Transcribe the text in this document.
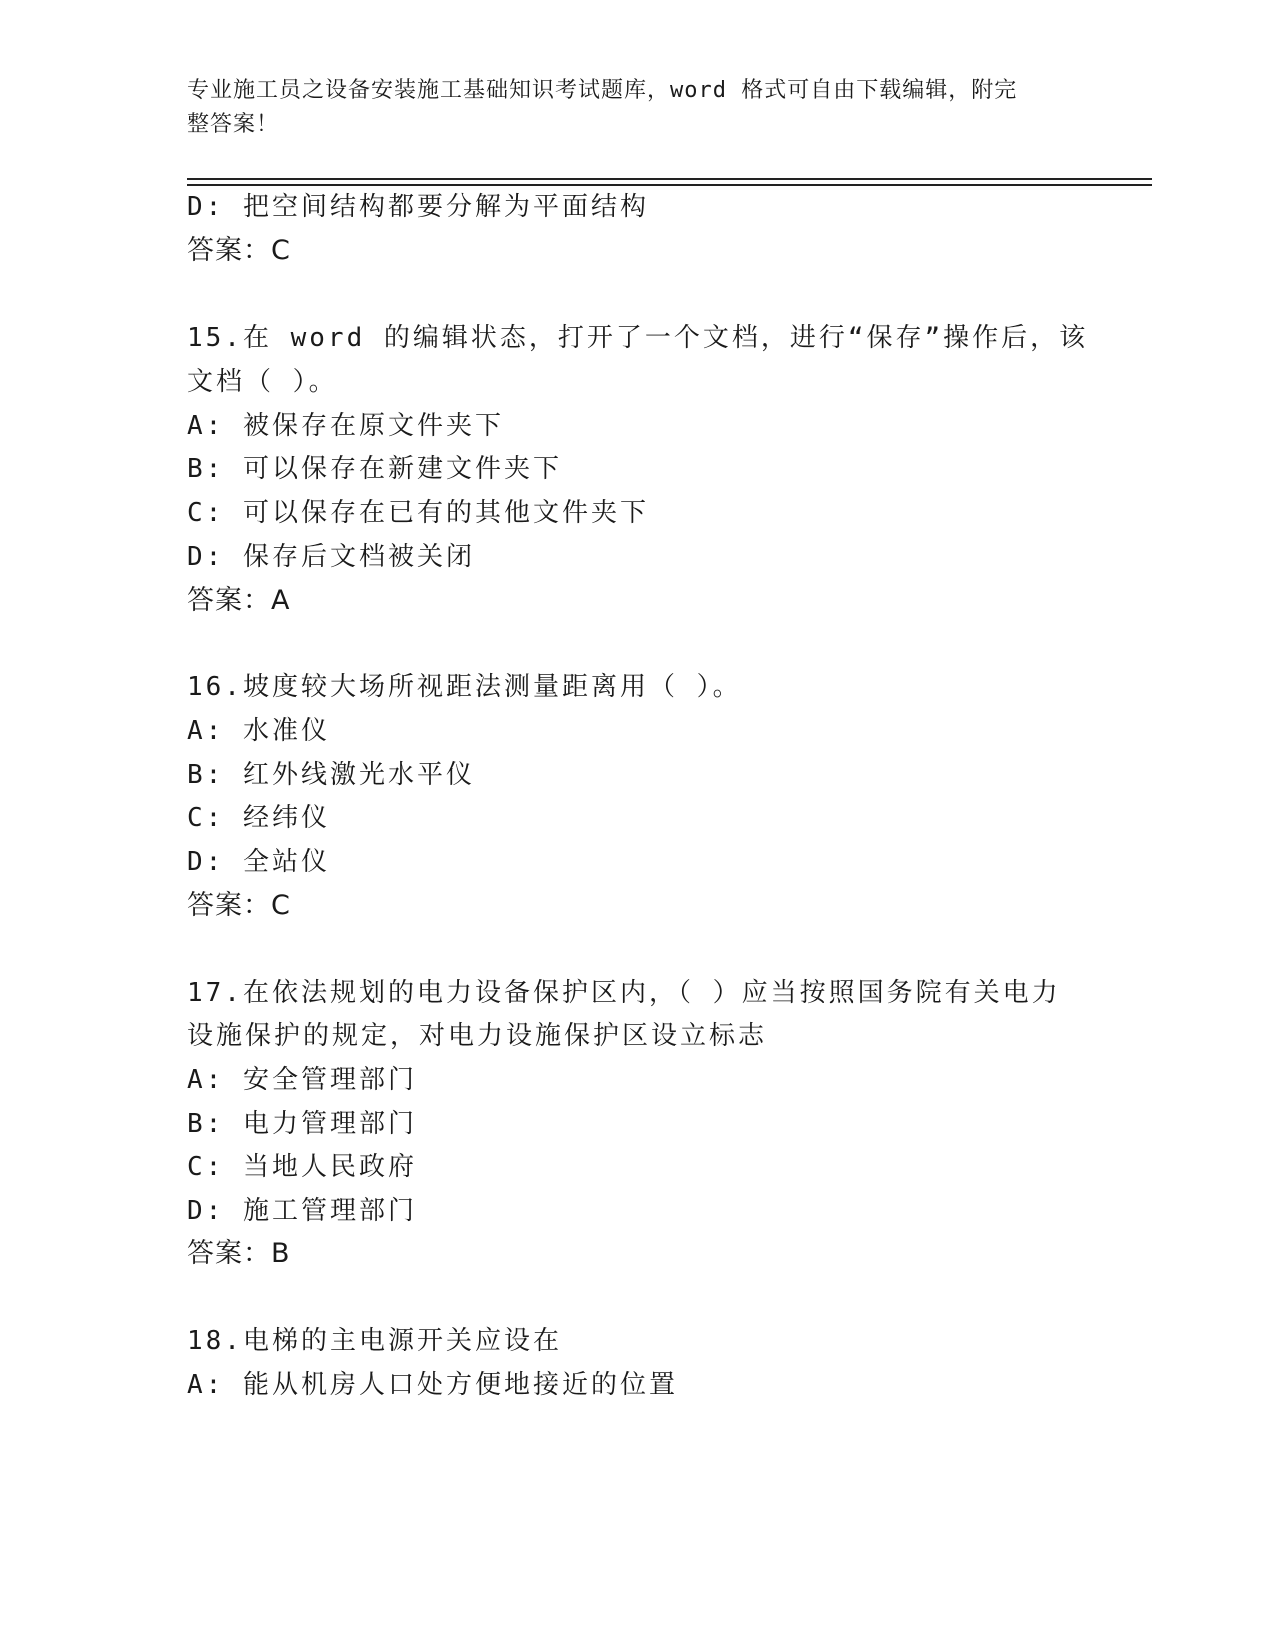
专业施工员之设备安装施工基础知识考试题库，word 格式可自由下载编辑，附完
整答案！
D: 把空间结构都要分解为平面结构
答案：C
15.在 word 的编辑状态，打开了一个文档，进行“保存”操作后，该
文档（ ）。
A: 被保存在原文件夹下
B: 可以保存在新建文件夹下
C: 可以保存在已有的其他文件夹下
D: 保存后文档被关闭
答案：A
16.坡度较大场所视距法测量距离用（ ）。
A: 水准仪
B: 红外线激光水平仪
C: 经纬仪
D: 全站仪
答案：C
17.在依法规划的电力设备保护区内，（ ）应当按照国务院有关电力
设施保护的规定，对电力设施保护区设立标志
A: 安全管理部门
B: 电力管理部门
C: 当地人民政府
D: 施工管理部门
答案：B
18.电梯的主电源开关应设在
A: 能从机房人口处方便地接近的位置
